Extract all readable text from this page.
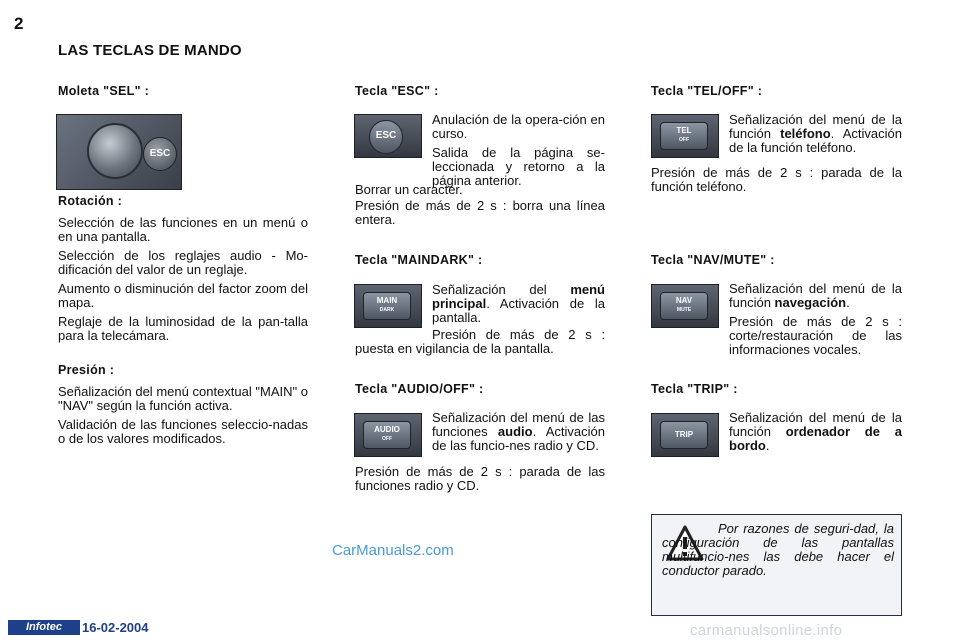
2
LAS TECLAS DE MANDO
Moleta "SEL" :
ESC
Rotación :

Selección de las funciones en un menú o en una pantalla.

Selección de los reglajes audio - Mo-dificación del valor de un reglaje.

Aumento o disminución del factor zoom del mapa.

Reglaje de la luminosidad de la pan-talla para la telecámara.

Presión :

Señalización del menú contextual "MAIN" o "NAV" según la función activa.

Validación de las funciones seleccio-nadas o de los valores modificados.

Tecla "ESC" :
ESC

Anulación de la opera-ción en curso.

Salida de la página se-leccionada y retorno a la página anterior.

Borrar un caracter.

Presión de más de 2 s : borra una línea entera.

Tecla "MAINDARK" :
MAIN
DARK

Señalización del menú principal. Activación de la pantalla.

Presión de más de 2 s : puesta en vigilancia de la pantalla.

Tecla "AUDIO/OFF" :
AUDIO
OFF

Señalización del menú de las funciones audio. Activación de las funcio-nes radio y CD.

Presión de más de 2 s : parada de las funciones radio y CD.

Tecla "TEL/OFF" :
TEL
OFF

Señalización del menú de la función teléfono. Activación de la función teléfono.

Presión de más de 2 s : parada de la función teléfono.

Tecla "NAV/MUTE" :
NAV
MUTE

Señalización del menú de la función navegación.

Presión de más de 2 s : corte/restauración de las informaciones vocales.

Tecla "TRIP" :
TRIP

Señalización del menú de la función ordenador de a bordo.

Por razones de seguri-dad, la configuración de las pantallas multifuncio-nes las debe hacer el conductor parado.
CarManuals2.com
Infotec	16-02-2004	carmanualsonline.info
